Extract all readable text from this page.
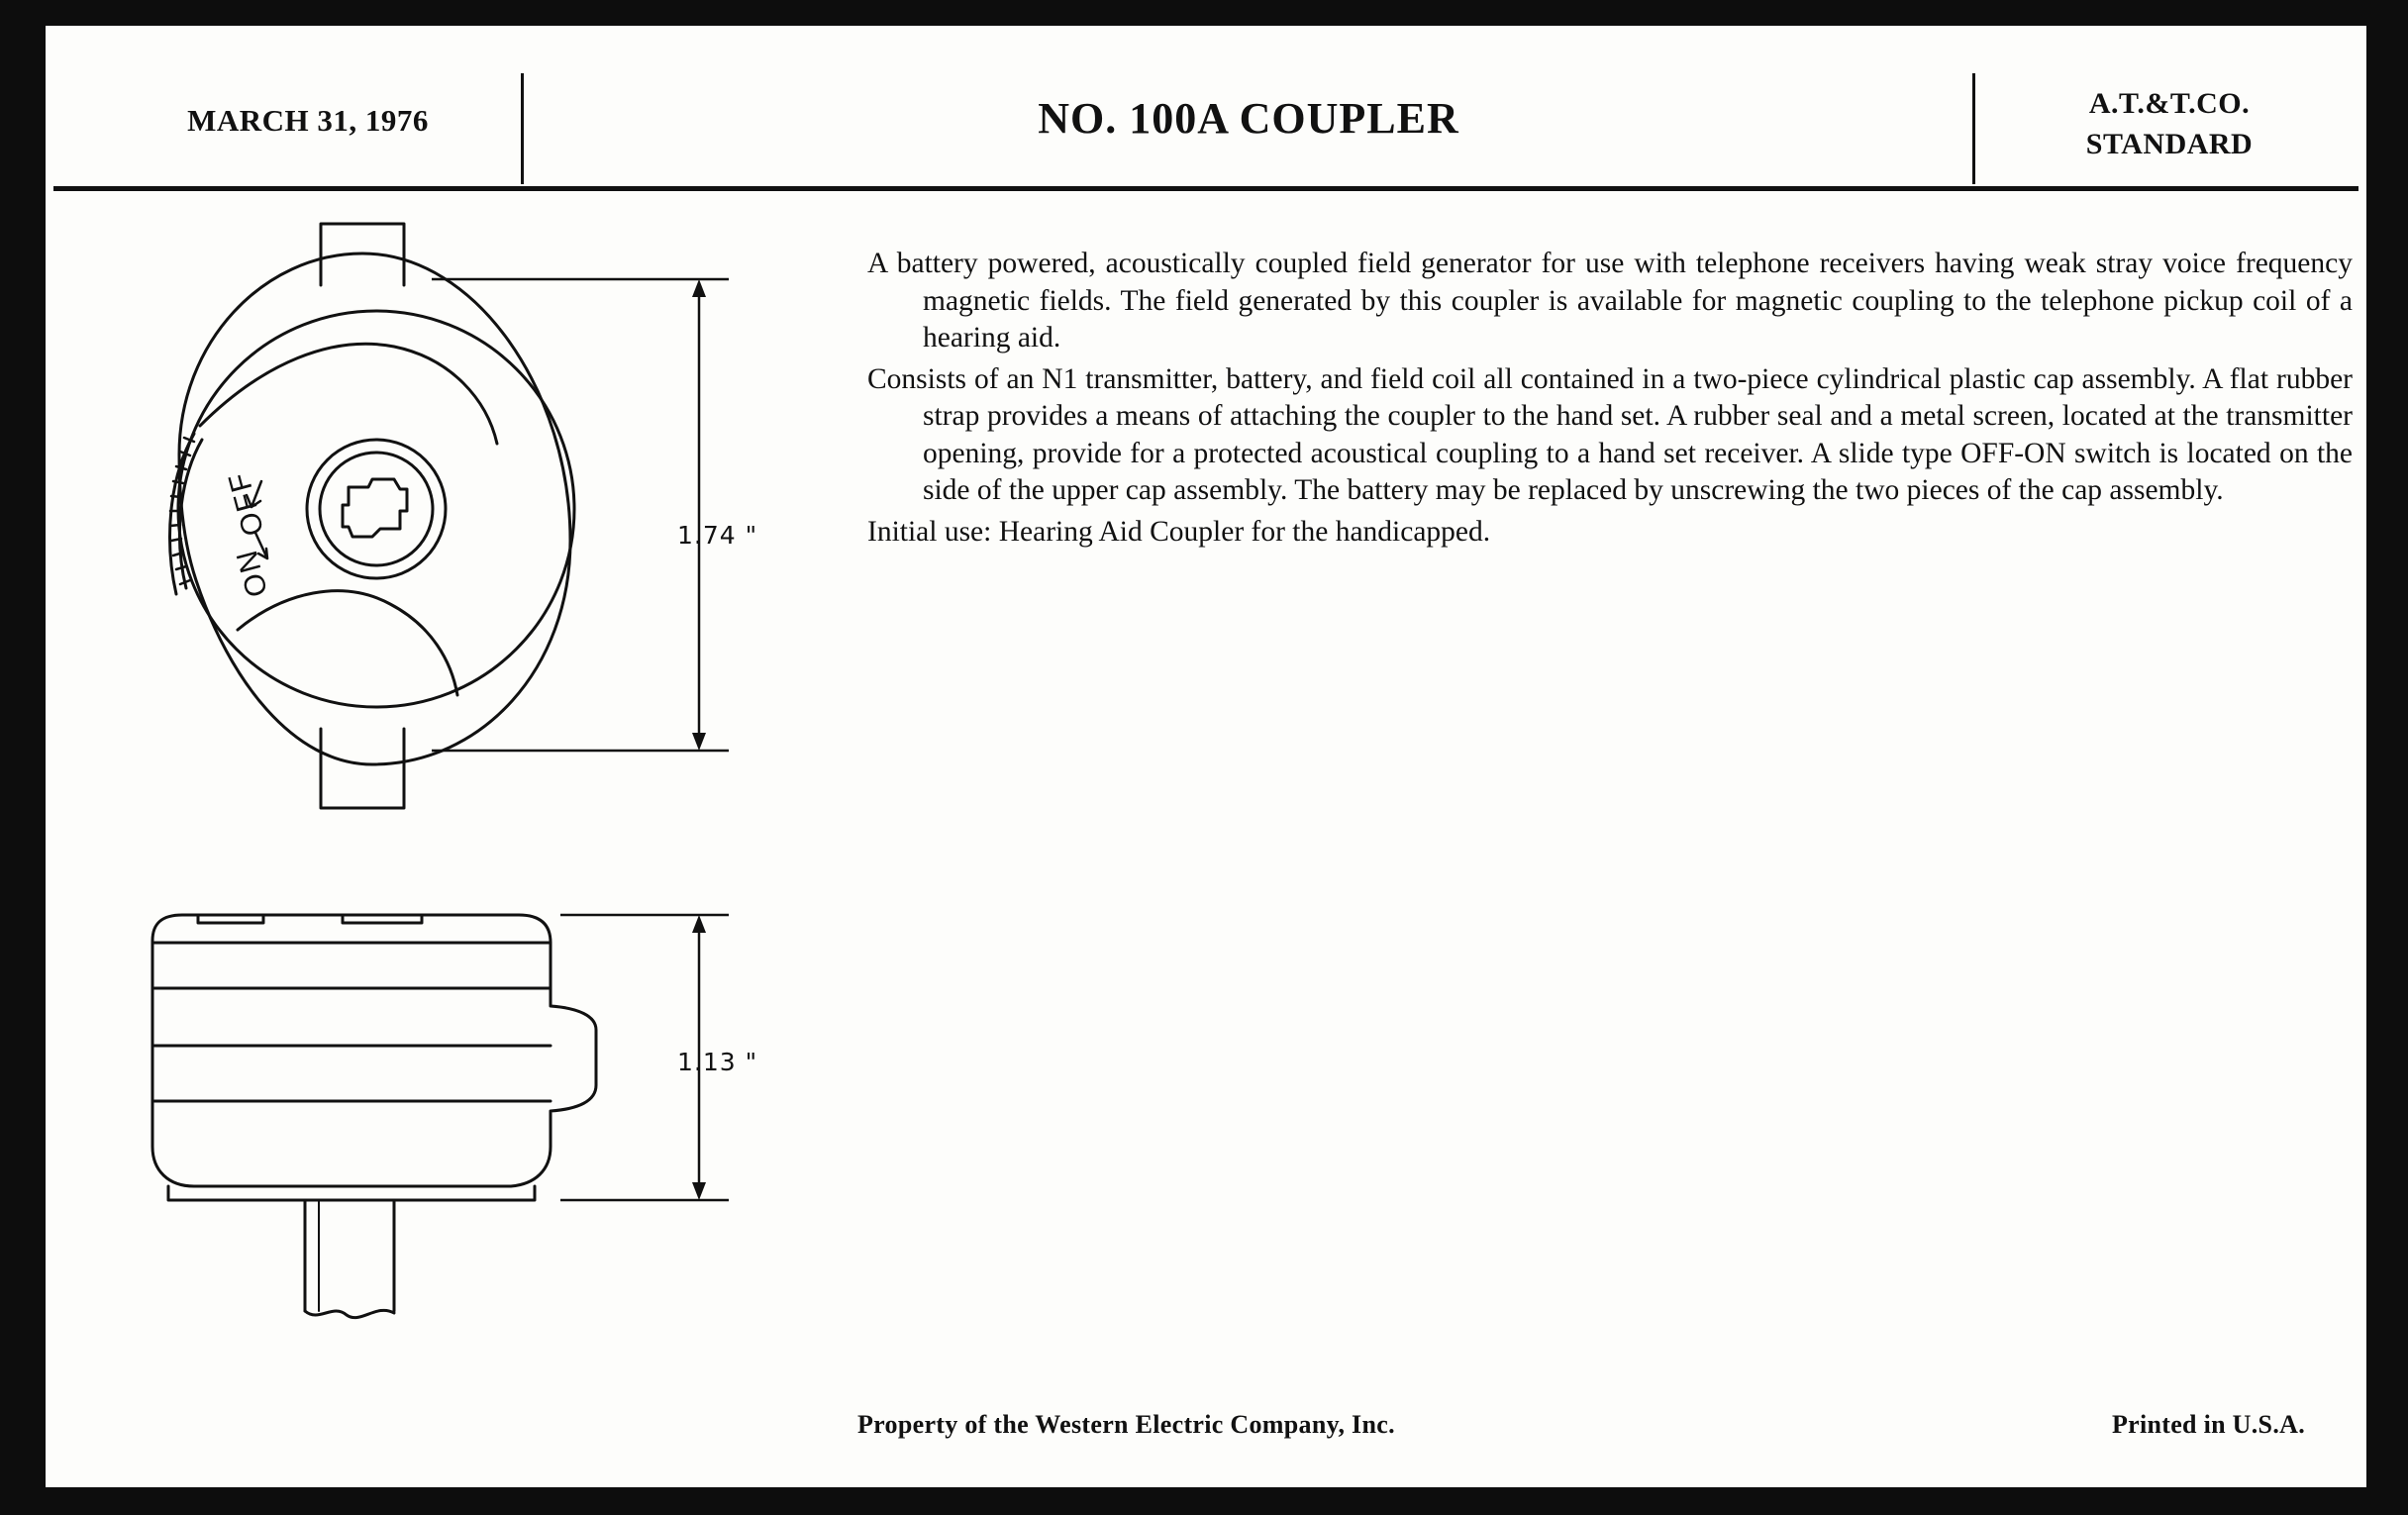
MARCH 31, 1976	NO. 100A COUPLER	A.T.&T.CO.
STANDARD
OFF
ON
1.74 "
1.13 "
A battery powered, acoustically coupled field generator for use with telephone receivers having weak stray voice frequency magnetic fields. The field generated by this coupler is available for magnetic coupling to the telephone pickup coil of a hearing aid.
Consists of an N1 transmitter, battery, and field coil all contained in a two-piece cylindrical plastic cap assembly. A flat rubber strap provides a means of attaching the coupler to the hand set. A rubber seal and a metal screen, located at the transmitter opening, provide for a protected acoustical coupling to a hand set receiver. A slide type OFF-ON switch is located on the side of the upper cap assembly. The battery may be replaced by unscrewing the two pieces of the cap assembly.
Initial use: Hearing Aid Coupler for the handicapped.
Property of the Western Electric Company, Inc.	Printed in U.S.A.
